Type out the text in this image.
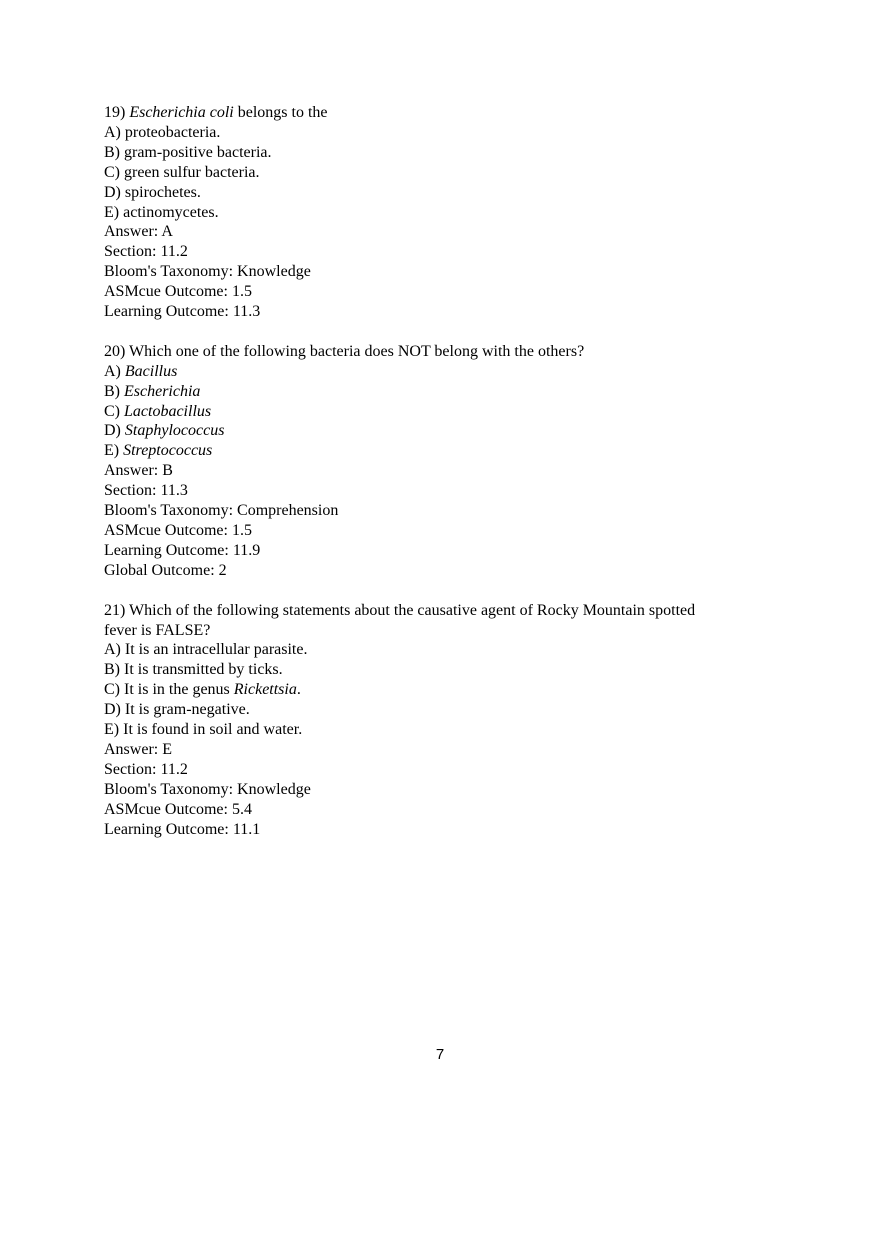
19) Escherichia coli belongs to the
A) proteobacteria.
B) gram-positive bacteria.
C) green sulfur bacteria.
D) spirochetes.
E) actinomycetes.
Answer: A
Section: 11.2
Bloom's Taxonomy: Knowledge
ASMcue Outcome: 1.5
Learning Outcome: 11.3
20) Which one of the following bacteria does NOT belong with the others?
A) Bacillus
B) Escherichia
C) Lactobacillus
D) Staphylococcus
E) Streptococcus
Answer: B
Section: 11.3
Bloom's Taxonomy: Comprehension
ASMcue Outcome: 1.5
Learning Outcome: 11.9
Global Outcome: 2
21) Which of the following statements about the causative agent of Rocky Mountain spotted
fever is FALSE?
A) It is an intracellular parasite.
B) It is transmitted by ticks.
C) It is in the genus Rickettsia.
D) It is gram-negative.
E) It is found in soil and water.
Answer: E
Section: 11.2
Bloom's Taxonomy: Knowledge
ASMcue Outcome: 5.4
Learning Outcome: 11.1
7
